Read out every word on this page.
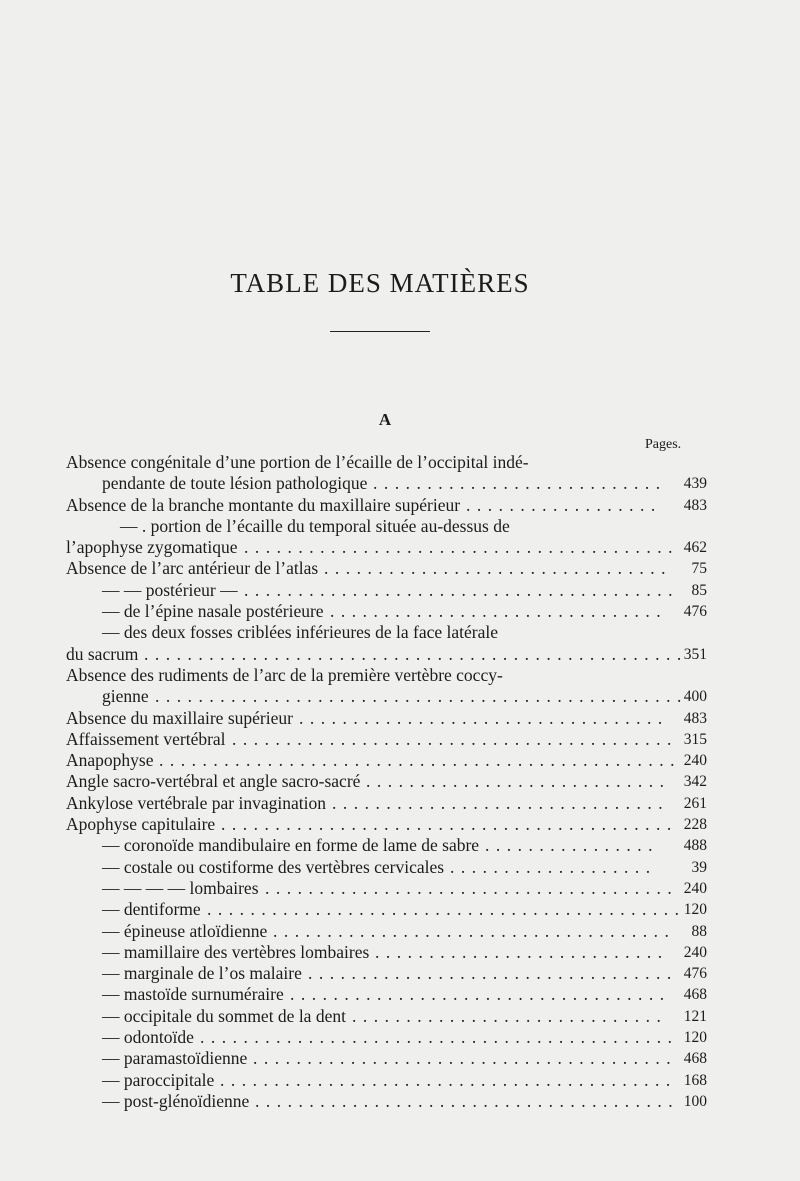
TABLE DES MATIÈRES
A
Pages.
Absence congénitale d’une portion de l’écaille de l’occipital indé-
pendante de toute lésion pathologique	439
...........................
Absence de la branche montante du maxillaire supérieur	483
..................
— . portion de l’écaille du temporal située au-dessus de
l’apophyse zygomatique	462
........................................
Absence de l’arc antérieur de l’atlas	75
................................
— — postérieur —	85
........................................
— de l’épine nasale postérieure	476
...............................
— des deux fosses criblées inférieures de la face latérale
du sacrum	351
..................................................
Absence des rudiments de l’arc de la première vertèbre coccy-
gienne	400
.................................................
Absence du maxillaire supérieur	483
..................................
Affaissement vertébral	315
.........................................
Anapophyse	240
................................................
Angle sacro-vertébral et angle sacro-sacré	342
............................
Ankylose vertébrale par invagination	261
...............................
Apophyse capitulaire	228
..........................................
— coronoïde mandibulaire en forme de lame de sabre	488
................
— costale ou costiforme des vertèbres cervicales	39
...................
— — — — lombaires	240
......................................
— dentiforme	120
............................................
— épineuse atloïdienne	88
.....................................
— mamillaire des vertèbres lombaires	240
...........................
— marginale de l’os malaire	476
..................................
— mastoïde surnuméraire	468
...................................
— occipitale du sommet de la dent	121
.............................
— odontoïde	120
............................................
— paramastoïdienne	468
.......................................
— paroccipitale	168
..........................................
— post-glénoïdienne	100
.......................................
